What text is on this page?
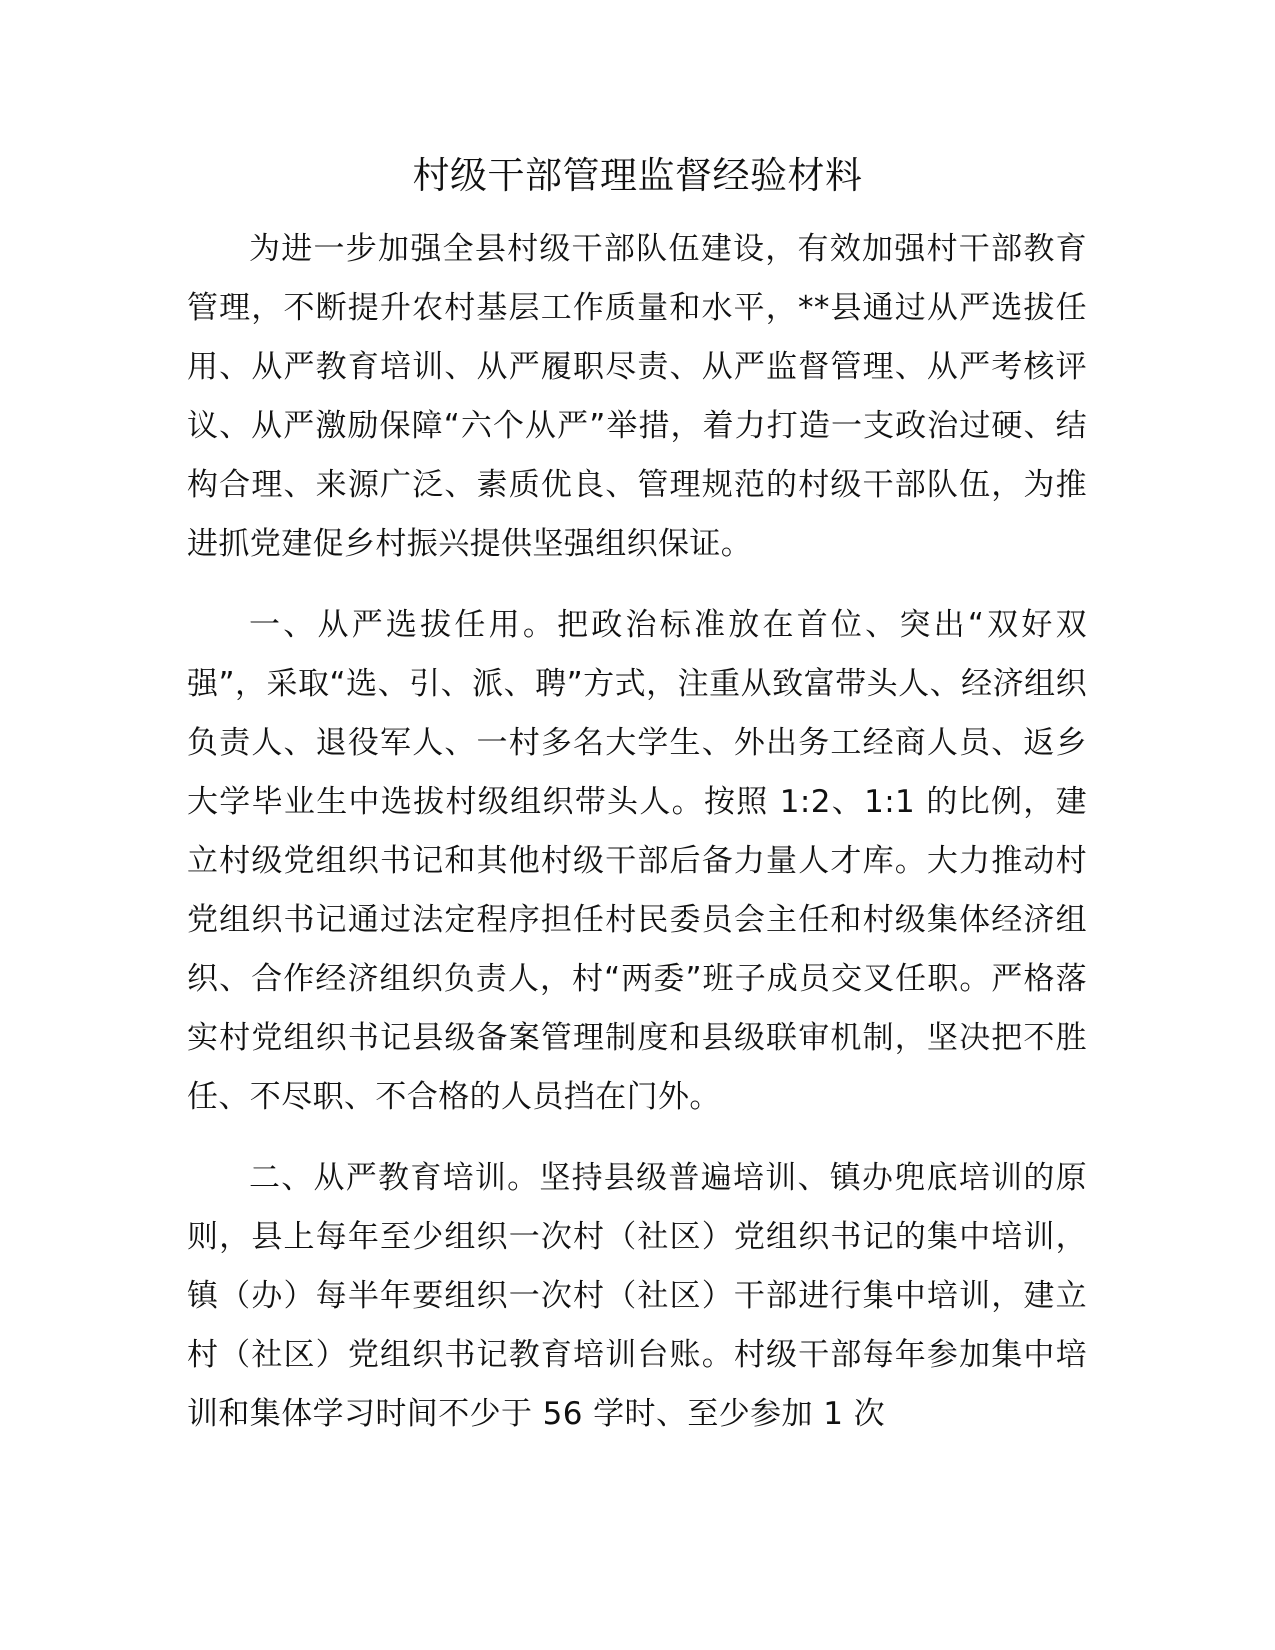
村级干部管理监督经验材料

为进一步加强全县村级干部队伍建设，有效加强村干部教育管理，不断提升农村基层工作质量和水平，**县通过从严选拔任用、从严教育培训、从严履职尽责、从严监督管理、从严考核评议、从严激励保障“六个从严”举措，着力打造一支政治过硬、结构合理、来源广泛、素质优良、管理规范的村级干部队伍，为推进抓党建促乡村振兴提供坚强组织保证。

一、从严选拔任用。把政治标准放在首位、突出“双好双强”，采取“选、引、派、聘”方式，注重从致富带头人、经济组织负责人、退役军人、一村多名大学生、外出务工经商人员、返乡大学毕业生中选拔村级组织带头人。按照 1:2、1:1 的比例，建立村级党组织书记和其他村级干部后备力量人才库。大力推动村党组织书记通过法定程序担任村民委员会主任和村级集体经济组织、合作经济组织负责人，村“两委”班子成员交叉任职。严格落实村党组织书记县级备案管理制度和县级联审机制，坚决把不胜任、不尽职、不合格的人员挡在门外。

二、从严教育培训。坚持县级普遍培训、镇办兜底培训的原则，县上每年至少组织一次村（社区）党组织书记的集中培训，镇（办）每半年要组织一次村（社区）干部进行集中培训，建立村（社区）党组织书记教育培训台账。村级干部每年参加集中培训和集体学习时间不少于 56 学时、至少参加 1 次
